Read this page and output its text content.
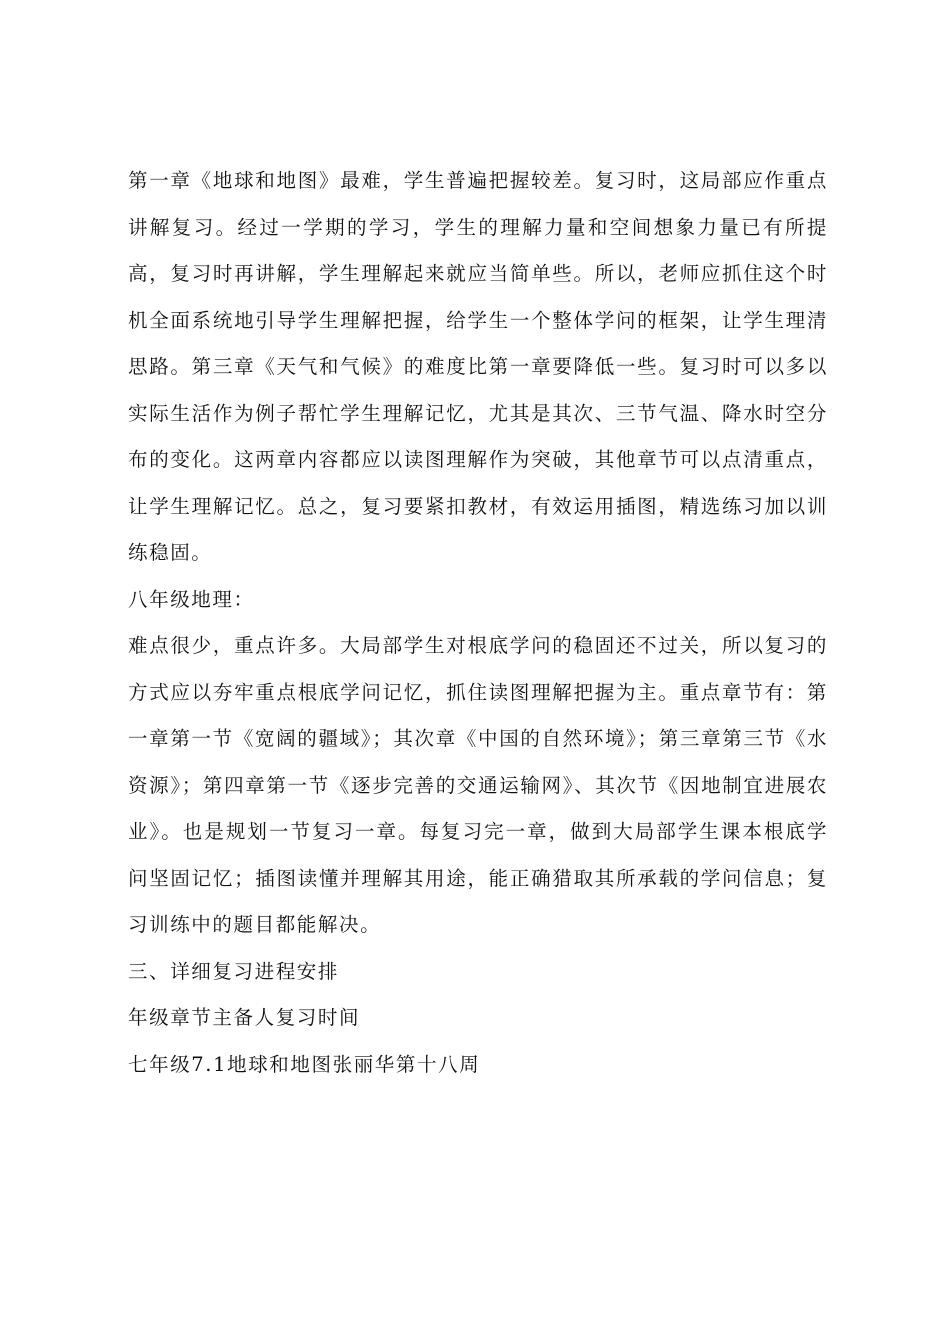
第一章《地球和地图》最难，学生普遍把握较差。复习时，这局部应作重点讲解复习。经过一学期的学习，学生的理解力量和空间想象力量已有所提高，复习时再讲解，学生理解起来就应当简单些。所以，老师应抓住这个时机全面系统地引导学生理解把握，给学生一个整体学问的框架，让学生理清思路。第三章《天气和气候》的难度比第一章要降低一些。复习时可以多以实际生活作为例子帮忙学生理解记忆，尤其是其次、三节气温、降水时空分布的变化。这两章内容都应以读图理解作为突破，其他章节可以点清重点，让学生理解记忆。总之，复习要紧扣教材，有效运用插图，精选练习加以训练稳固。

八年级地理：

难点很少，重点许多。大局部学生对根底学问的稳固还不过关，所以复习的方式应以夯牢重点根底学问记忆，抓住读图理解把握为主。重点章节有：第一章第一节《宽阔的疆域》；其次章《中国的自然环境》；第三章第三节《水资源》；第四章第一节《逐步完善的交通运输网》、其次节《因地制宜进展农业》。也是规划一节复习一章。每复习完一章，做到大局部学生课本根底学问坚固记忆；插图读懂并理解其用途，能正确猎取其所承载的学问信息；复习训练中的题目都能解决。

三、详细复习进程安排

年级章节主备人复习时间

七年级7.1地球和地图张丽华第十八周
